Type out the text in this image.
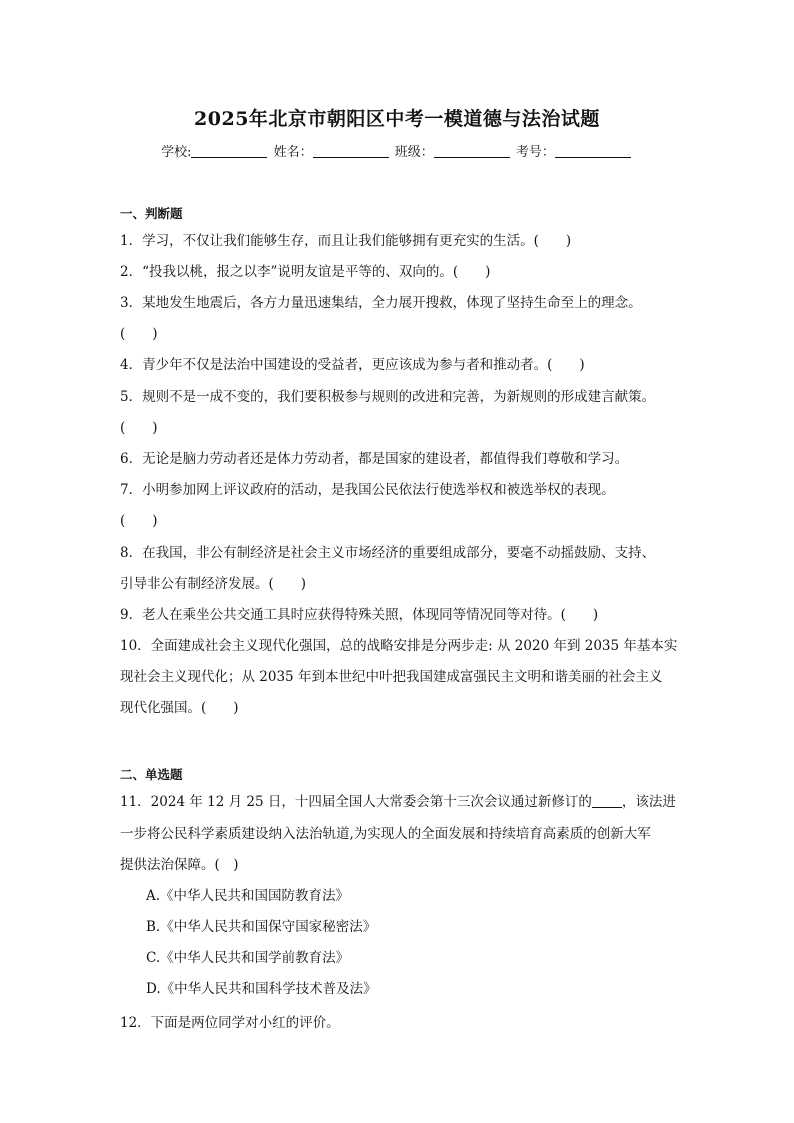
2025年北京市朝阳区中考一模道德与法治试题
学校:	姓名：	班级：	考号：
一、判断题
1．学习，不仅让我们能够生存，而且让我们能够拥有更充实的生活。(　　)
2．“投我以桃，报之以李”说明友谊是平等的、双向的。(　　)
3．某地发生地震后，各方力量迅速集结，全力展开搜救，体现了坚持生命至上的理念。
(　　)
4．青少年不仅是法治中国建设的受益者，更应该成为参与者和推动者。(　　)
5．规则不是一成不变的，我们要积极参与规则的改进和完善，为新规则的形成建言献策。
(　　)
6．无论是脑力劳动者还是体力劳动者，都是国家的建设者，都值得我们尊敬和学习。
7．小明参加网上评议政府的活动，是我国公民依法行使选举权和被选举权的表现。
(　　)
8．在我国，非公有制经济是社会主义市场经济的重要组成部分，要毫不动摇鼓励、支持、
引导非公有制经济发展。(　　)
9．老人在乘坐公共交通工具时应获得特殊关照，体现同等情况同等对待。(　　)
10．全面建成社会主义现代化强国，总的战略安排是分两步走: 从 2020 年到 2035 年基本实
现社会主义现代化；从 2035 年到本世纪中叶把我国建成富强民主文明和谐美丽的社会主义
现代化强国。(　　)
二、单选题
11．2024 年 12 月 25 日，十四届全国人大常委会第十三次会议通过新修订的 ，该法进
一步将公民科学素质建设纳入法治轨道,为实现人的全面发展和持续培育高素质的创新大军
提供法治保障。(　)
A.《中华人民共和国国防教育法》
B.《中华人民共和国保守国家秘密法》
C.《中华人民共和国学前教育法》
D.《中华人民共和国科学技术普及法》
12．下面是两位同学对小红的评价。
